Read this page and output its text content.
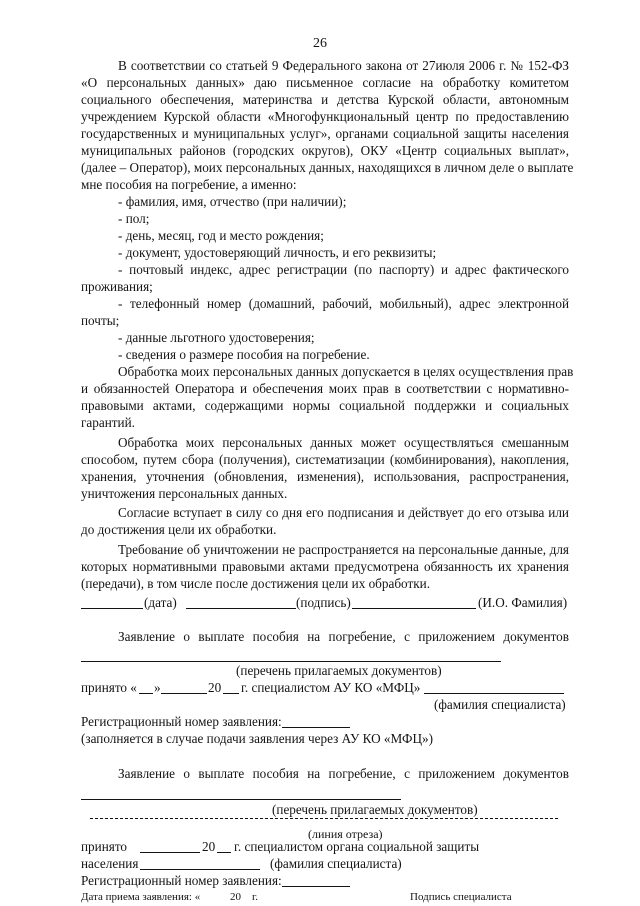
26
В соответствии со статьей 9 Федерального закона от 27июля 2006 г. № 152-ФЗ
«О персональных данных» даю письменное согласие на обработку комитетом
социального обеспечения, материнства и детства Курской области, автономным
учреждением Курской области «Многофункциональный центр по предоставлению
государственных и муниципальных услуг», органами социальной защиты населения
муниципальных районов (городских округов), ОКУ «Центр социальных выплат»,
(далее – Оператор), моих персональных данных, находящихся в личном деле о выплате
мне пособия на погребение, а именно:
- фамилия, имя, отчество (при наличии);
- пол;
- день, месяц, год и место рождения;
- документ, удостоверяющий личность, и его реквизиты;
- почтовый индекс, адрес регистрации (по паспорту) и адрес фактического
проживания;
- телефонный номер (домашний, рабочий, мобильный), адрес электронной
почты;
- данные льготного удостоверения;
- сведения о размере пособия на погребение.
Обработка моих персональных данных допускается в целях осуществления прав
и обязанностей Оператора и обеспечения моих прав в соответствии с нормативно-
правовыми актами, содержащими нормы социальной поддержки и социальных
гарантий.
Обработка моих персональных данных может осуществляться смешанным
способом, путем сбора (получения), систематизации (комбинирования), накопления,
хранения, уточнения (обновления, изменения), использования, распространения,
уничтожения персональных данных.
Согласие вступает в силу со дня его подписания и действует до его отзыва или
до достижения цели их обработки.
Требование об уничтожении не распространяется на персональные данные, для
которых нормативными правовыми актами предусмотрена обязанность их хранения
(передачи), в том числе после достижения цели их обработки.
(дата)	(подпись)	(И.О. Фамилия)
Заявление о выплате пособия на погребение, с приложением документов
(перечень прилагаемых документов)
принято « »	20 г. специалистом АУ КО «МФЦ»
(фамилия специалиста)
Регистрационный номер заявления:
(заполняется в случае подачи заявления через АУ КО «МФЦ»)
Заявление о выплате пособия на погребение, с приложением документов
(перечень прилагаемых документов)
(линия отреза)
принято	20 г. специалистом органа социальной защиты
населения	(фамилия специалиста)
Регистрационный номер заявления:
Дата приема заявления: «	20 г.	Подпись специалиста
